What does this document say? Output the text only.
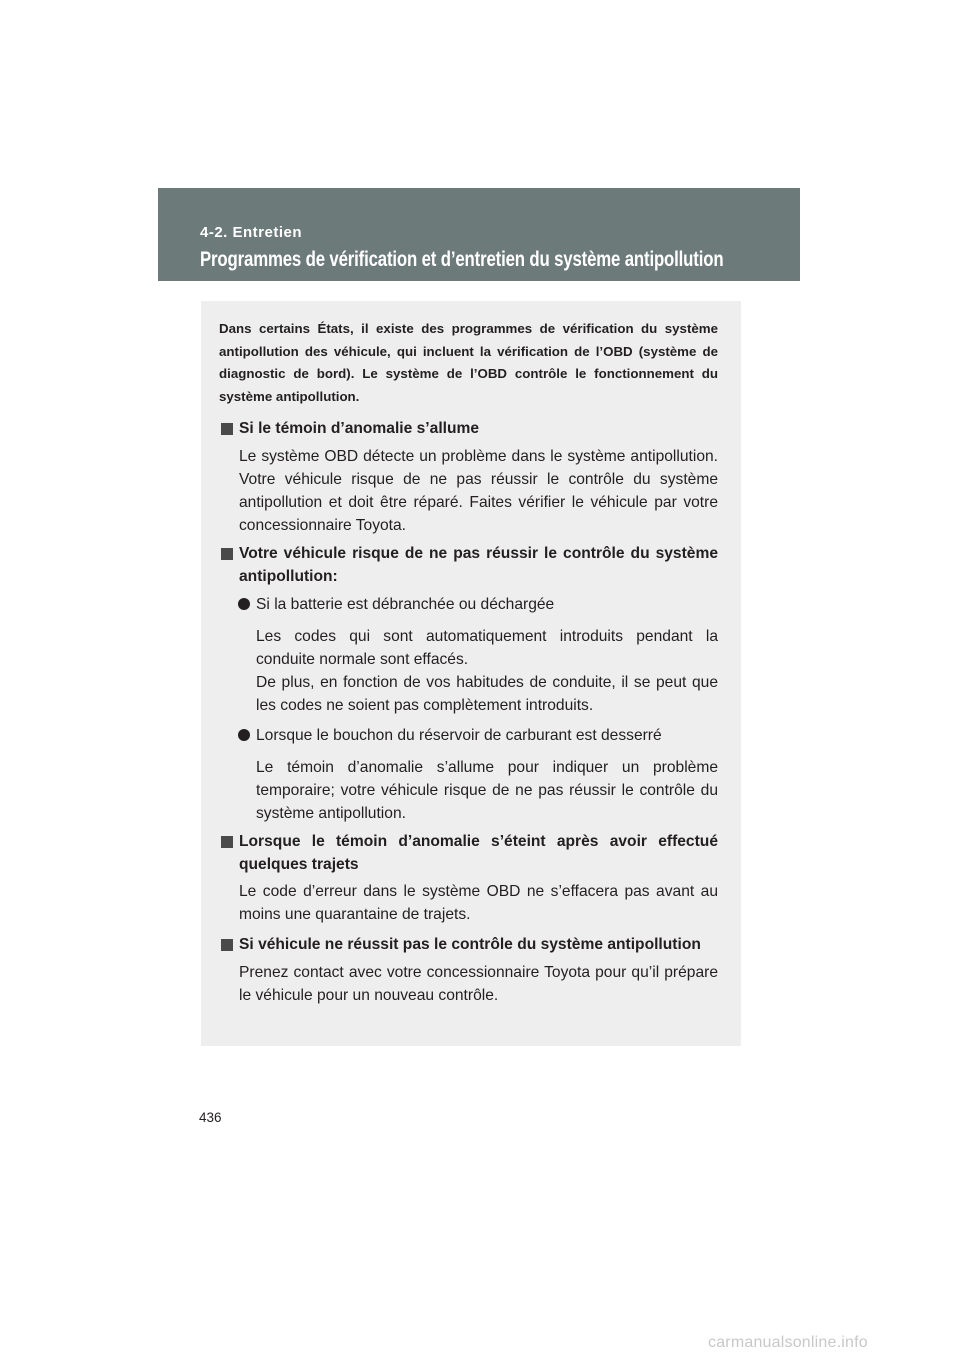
4-2. Entretien
Programmes de vérification et d’entretien du système antipollution
Dans certains États, il existe des programmes de vérification du système antipollution des véhicule, qui incluent la vérification de l’OBD (système de diagnostic de bord). Le système de l’OBD contrôle le fonctionnement du système antipollution.
Si le témoin d’anomalie s’allume
Le système OBD détecte un problème dans le système antipollution. Votre véhicule risque de ne pas réussir le contrôle du système antipollution et doit être réparé. Faites vérifier le véhicule par votre concessionnaire Toyota.
Votre véhicule risque de ne pas réussir le contrôle du système antipollution:
Si la batterie est débranchée ou déchargée
Les codes qui sont automatiquement introduits pendant la conduite normale sont effacés.
De plus, en fonction de vos habitudes de conduite, il se peut que les codes ne soient pas complètement introduits.
Lorsque le bouchon du réservoir de carburant est desserré
Le témoin d’anomalie s’allume pour indiquer un problème temporaire; votre véhicule risque de ne pas réussir le contrôle du système antipollution.
Lorsque le témoin d’anomalie s’éteint après avoir effectué quelques trajets
Le code d’erreur dans le système OBD ne s’effacera pas avant au moins une quarantaine de trajets.
Si véhicule ne réussit pas le contrôle du système antipollution
Prenez contact avec votre concessionnaire Toyota pour qu’il prépare le véhicule pour un nouveau contrôle.
436
carmanualsonline.info
